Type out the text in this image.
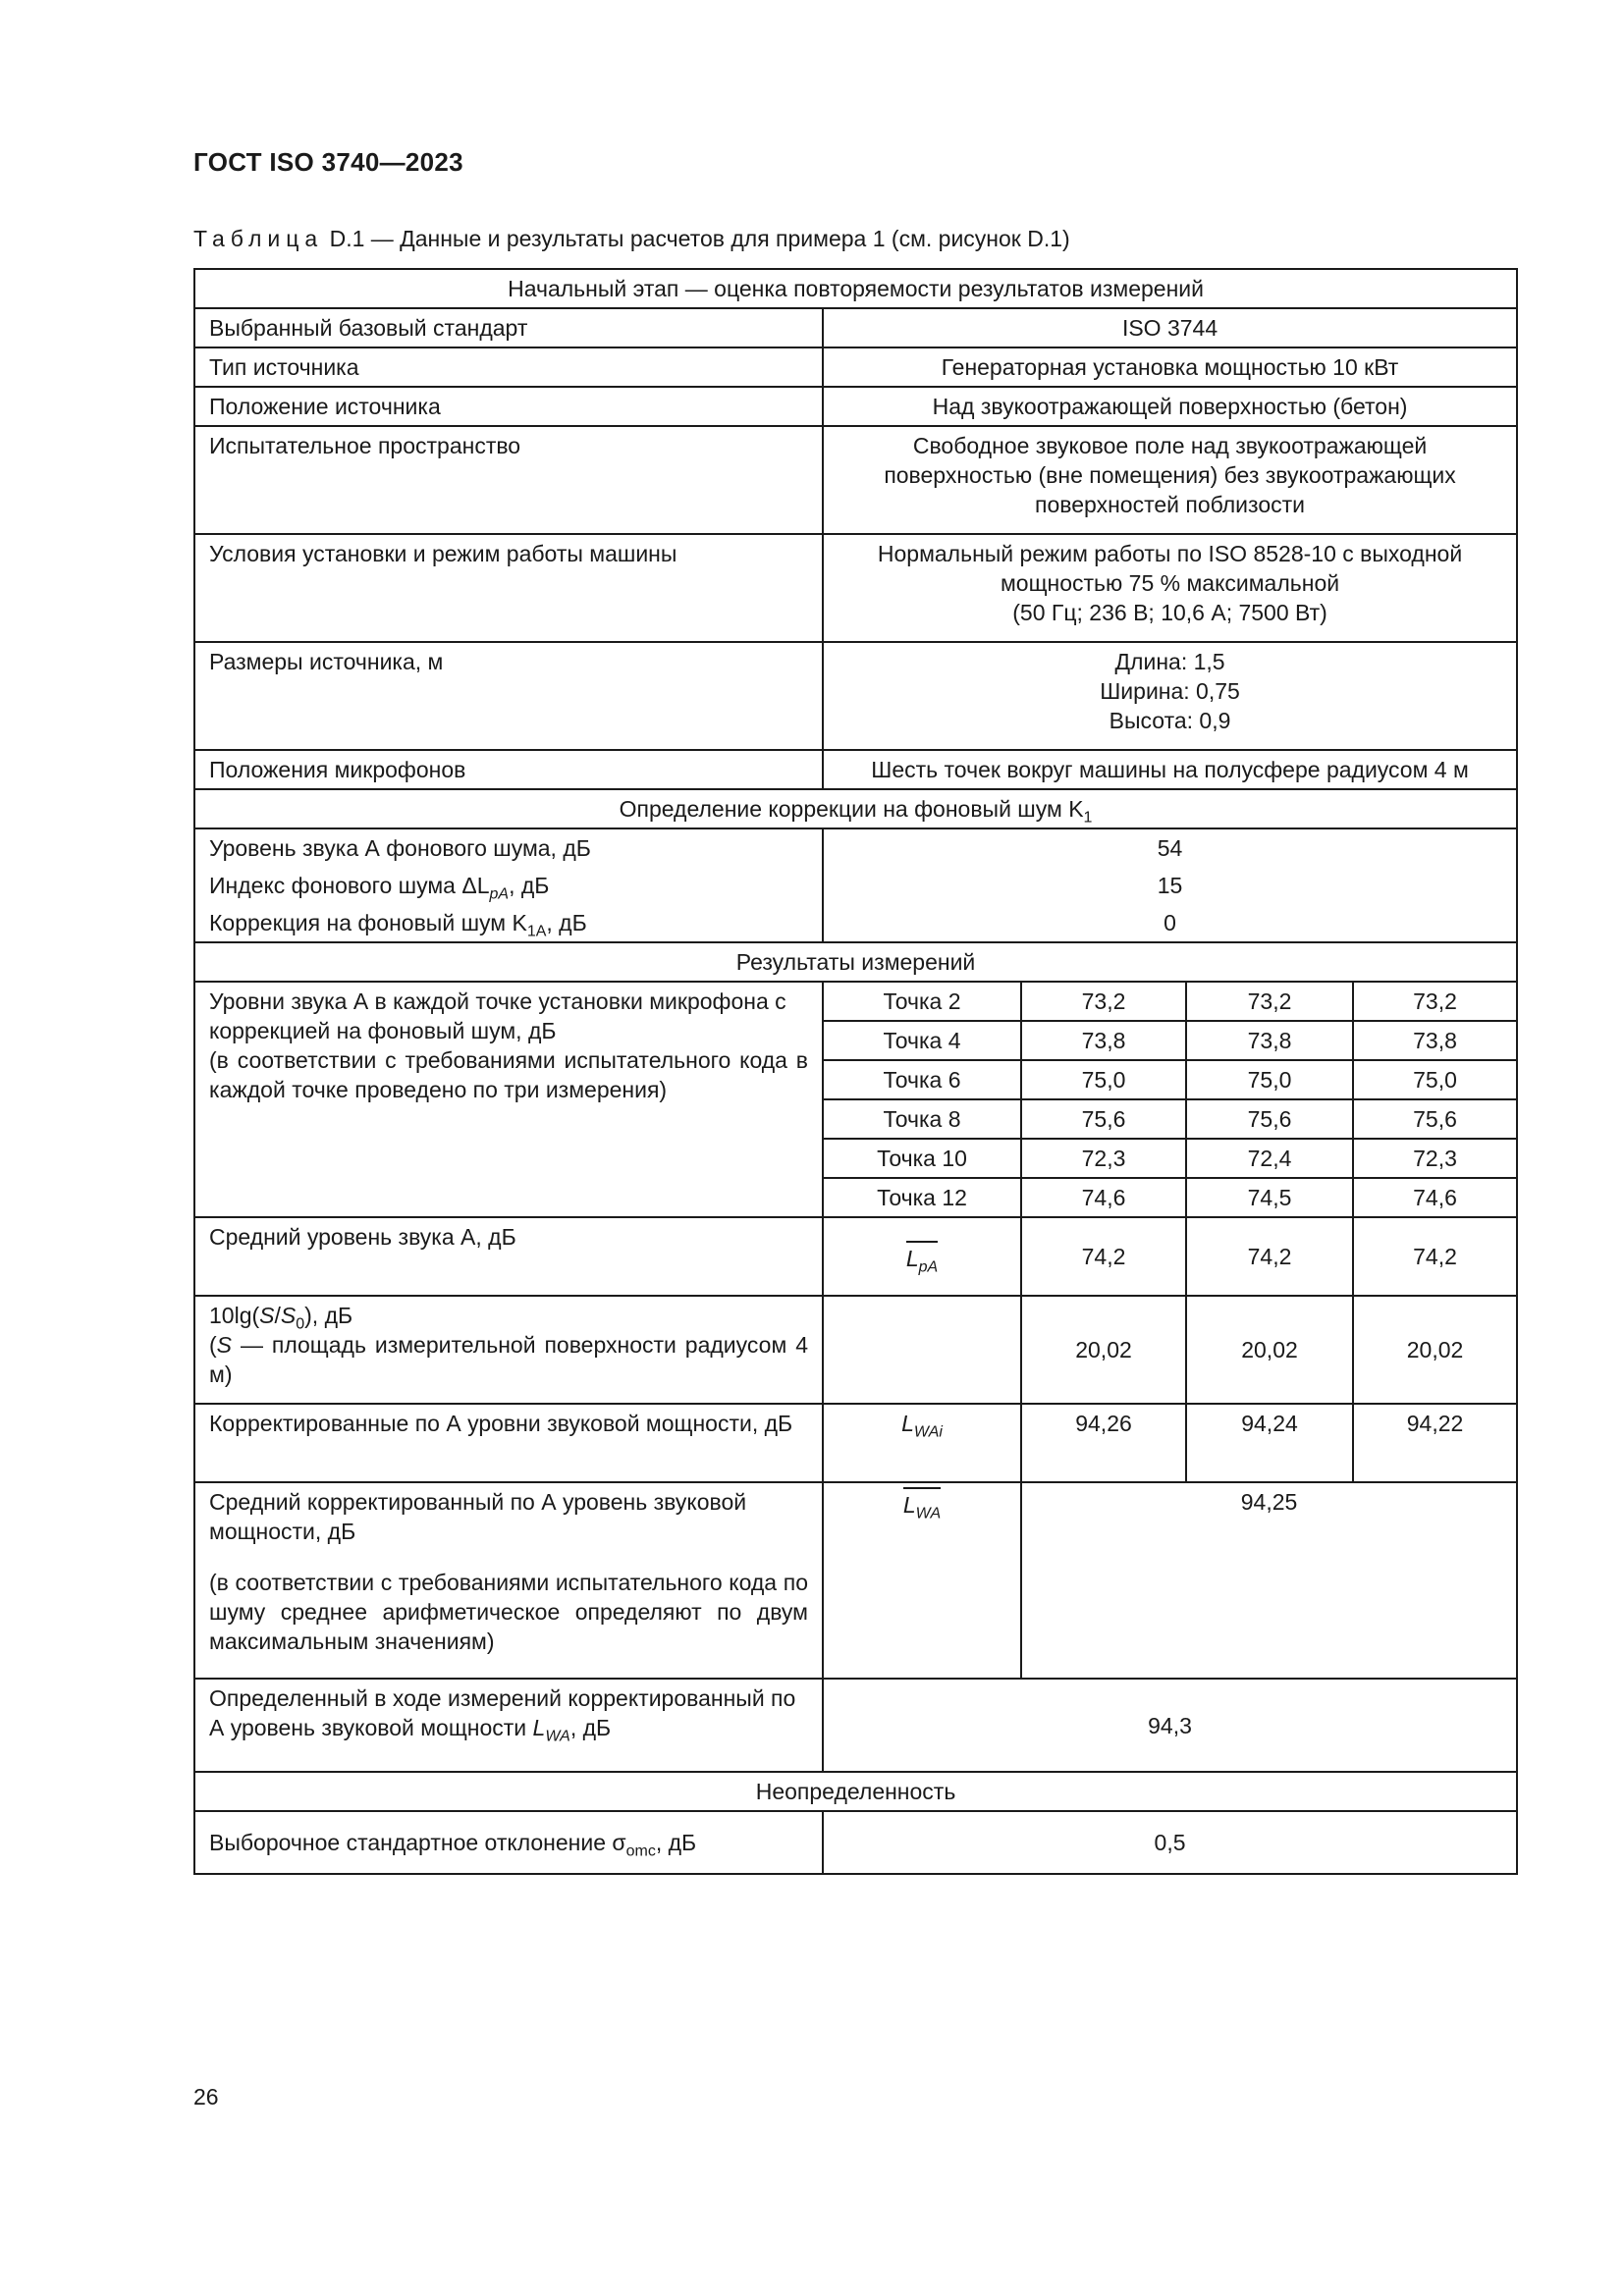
ГОСТ ISO 3740—2023
Таблица D.1 — Данные и результаты расчетов для примера 1 (см. рисунок D.1)
Начальный этап — оценка повторяемости результатов измерений				
Выбранный базовый стандарт	ISO 3744			

Тип источника	Генераторная установка мощностью 10 кВт			

Положение источника	Над звукоотражающей поверхностью (бетон)			

Испытательное пространство	Свободное звуковое поле над звукоотражающей
поверхностью (вне помещения) без звукоотражающих
поверхностей поблизости			

Условия установки и режим работы машины	Нормальный режим работы по ISO 8528-10 с выходной
мощностью 75 % максимальной
(50 Гц; 236 В; 10,6 А; 7500 Вт)			

Размеры источника, м	Длина: 1,5
Ширина: 0,75
Высота: 0,9			

Положения микрофонов	Шесть точек вокруг машины на полусфере радиусом 4 м			

Определение коррекции на фоновый шум $K_1$
Уровень звука А фонового шума, дБ	54			
Индекс фонового шума $\Delta L_{pA}$, дБ	15			
Коррекция на фоновый шум $K_{1A}$, дБ	0			
Результаты измерений				

Уровни звука А в каждой точке установки микрофона с коррекцией на фоновый шум, дБ
(в соответствии с требованиями испытательного кода в каждой точке проведено по три измерения)	Точка 2	73,2	73,2	73,2
	Точка 4	73,8	73,8	73,8
	Точка 6	75,0	75,0	75,0
	Точка 8	75,6	75,6	75,6
	Точка 10	72,3	72,4	72,3
	Точка 12	74,6	74,5	74,6
Средний уровень звука А, дБ	$L_{pA}$	74,2	74,2	74,2

$10\lg(S/S_0)$, дБ
(S — площадь измерительной поверхности радиусом 4 м)		20,02	20,02	20,02
Корректированные по А уровни звуковой мощности, дБ	$L_{WAi}$	94,26	94,24	94,22

Средний корректированный по А уровень звуковой мощности, дБ
(в соответствии с требованиями испытательного кода по шуму среднее арифметическое определяют по двум максимальным значениям)	$L_{WA}$	94,25		
Определенный в ходе измерений корректированный по А уровень звуковой мощности $L_{WA}$, дБ	94,3			
Неопределенность				
Выборочное стандартное отклонение $\sigma_{omc}$, дБ	0,5			
26
